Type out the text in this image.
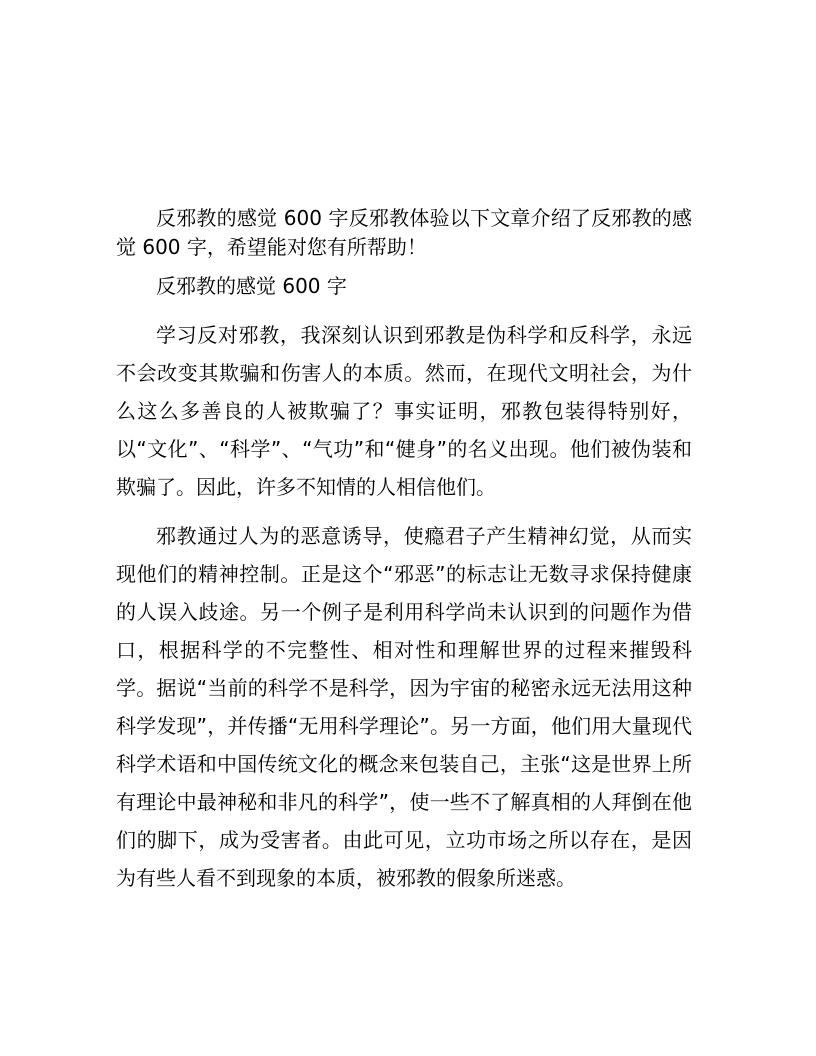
反邪教的感觉 600 字反邪教体验以下文章介绍了反邪教的感觉 600 字，希望能对您有所帮助！

反邪教的感觉 600 字

学习反对邪教，我深刻认识到邪教是伪科学和反科学，永远不会改变其欺骗和伤害人的本质。然而，在现代文明社会，为什么这么多善良的人被欺骗了？事实证明，邪教包装得特别好，以“文化”、“科学”、“气功”和“健身”的名义出现。他们被伪装和欺骗了。因此，许多不知情的人相信他们。

邪教通过人为的恶意诱导，使瘾君子产生精神幻觉，从而实现他们的精神控制。正是这个“邪恶”的标志让无数寻求保持健康的人误入歧途。另一个例子是利用科学尚未认识到的问题作为借口，根据科学的不完整性、相对性和理解世界的过程来摧毁科学。据说“当前的科学不是科学，因为宇宙的秘密永远无法用这种科学发现”，并传播“无用科学理论”。另一方面，他们用大量现代科学术语和中国传统文化的概念来包装自己，主张“这是世界上所有理论中最神秘和非凡的科学”，使一些不了解真相的人拜倒在他们的脚下，成为受害者。由此可见，立功市场之所以存在，是因为有些人看不到现象的本质，被邪教的假象所迷惑。
